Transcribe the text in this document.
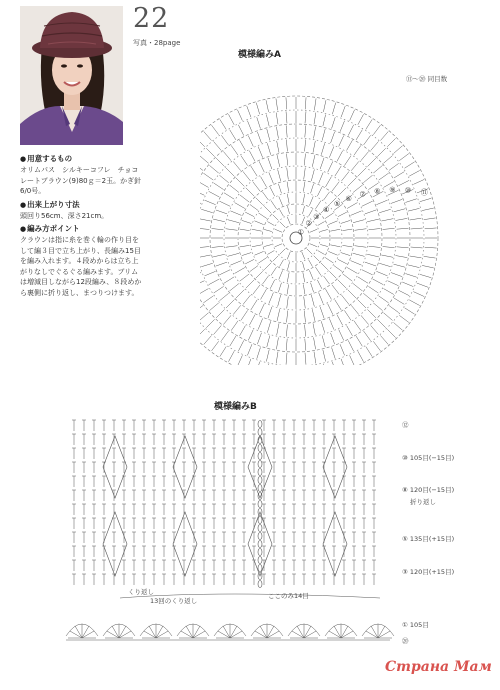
22
写真・28page
● 用意するもの
オリムパス　シルキーコフレ　チョコ
レートブラウン(9)80ｇ＝2玉。かぎ針
6/0号。
● 出来上がり寸法
頭回り56cm、深さ21cm。
● 編み方ポイント
クラウンは指に糸を巻く輪の作り目を
して編３目で立ち上がり、長編み15目
を編み入れます。４段めからは立ち上
がりなしでぐるぐる編みます。ブリム
は増減目しながら12段編み、８段めか
ら裏側に折り返し、まつりつけます。
模様編みA
⑪～⑳ 同目数
①
②
③
④
⑤
⑥
⑦ ⑧ ⑨ ⑩ ⑪
模様編みB
⑫
⑩ 105目(−15目)
⑧ 120目(−15目)
折り返し
⑤ 135目(+15目)
③ 120目(+15目)
① 105目
⑳
くり返し
13回のくり返し
ここのみ14目
Страна Мам
